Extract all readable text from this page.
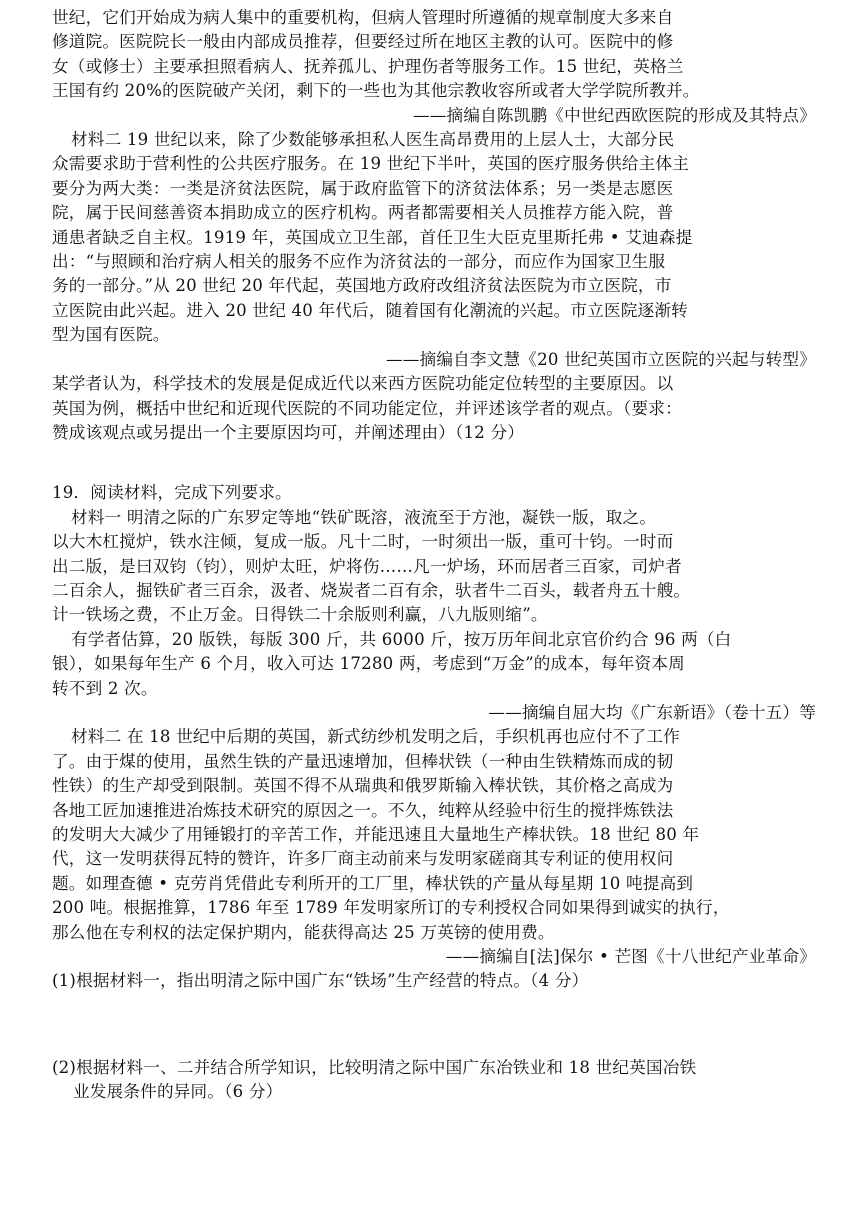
世纪，它们开始成为病人集中的重要机构，但病人管理时所遵循的规章制度大多来自

修道院。医院院长一般由内部成员推荐，但要经过所在地区主教的认可。医院中的修

女（或修士）主要承担照看病人、抚养孤儿、护理伤者等服务工作。15 世纪，英格兰

王国有约 20%的医院破产关闭，剩下的一些也为其他宗教收容所或者大学学院所教并。

——摘编自陈凯鹏《中世纪西欧医院的形成及其特点》

材料二 19 世纪以来，除了少数能够承担私人医生高昂费用的上层人士，大部分民

众需要求助于营利性的公共医疗服务。在 19 世纪下半叶，英国的医疗服务供给主体主

要分为两大类：一类是济贫法医院，属于政府监管下的济贫法体系；另一类是志愿医

院，属于民间慈善资本捐助成立的医疗机构。两者都需要相关人员推荐方能入院，普

通患者缺乏自主权。1919 年，英国成立卫生部，首任卫生大臣克里斯托弗 • 艾迪森提

出：“与照顾和治疗病人相关的服务不应作为济贫法的一部分，而应作为国家卫生服

务的一部分。”从 20 世纪 20 年代起，英国地方政府改组济贫法医院为市立医院，市

立医院由此兴起。进入 20 世纪 40 年代后，随着国有化潮流的兴起。市立医院逐渐转

型为国有医院。

——摘编自李文慧《20 世纪英国市立医院的兴起与转型》

某学者认为，科学技术的发展是促成近代以来西方医院功能定位转型的主要原因。以

英国为例，概括中世纪和近现代医院的不同功能定位，并评述该学者的观点。（要求：

赞成该观点或另提出一个主要原因均可，并阐述理由）（12 分）

19．阅读材料，完成下列要求。

材料一 明清之际的广东罗定等地“铁矿既溶，液流至于方池，凝铁一版，取之。

以大木杠搅炉，铁水注倾，复成一版。凡十二时，一时须出一版，重可十钧。一时而

出二版，是曰双钧（钧），则炉太旺，炉将伤……凡一炉场，环而居者三百家，司炉者

二百余人，掘铁矿者三百余，汲者、烧炭者二百有余，驮者牛二百头，载者舟五十艘。

计一铁场之费，不止万金。日得铁二十余版则利赢，八九版则缩”。

有学者估算，20 版铁，每版 300 斤，共 6000 斤，按万历年间北京官价约合 96 两（白

银），如果每年生产 6 个月，收入可达 17280 两，考虑到“万金”的成本，每年资本周

转不到 2 次。

——摘编自屈大均《广东新语》（卷十五）等

材料二 在 18 世纪中后期的英国，新式纺纱机发明之后，手织机再也应付不了工作

了。由于煤的使用，虽然生铁的产量迅速增加，但棒状铁（一种由生铁精炼而成的韧

性铁）的生产却受到限制。英国不得不从瑞典和俄罗斯输入棒状铁，其价格之高成为

各地工匠加速推进冶炼技术研究的原因之一。不久，纯粹从经验中衍生的搅拌炼铁法

的发明大大减少了用锤锻打的辛苦工作，并能迅速且大量地生产棒状铁。18 世纪 80 年

代，这一发明获得瓦特的赞许，许多厂商主动前来与发明家磋商其专利证的使用权问

题。如理查德 • 克劳肖凭借此专利所开的工厂里，棒状铁的产量从每星期 10 吨提高到

200 吨。根据推算，1786 年至 1789 年发明家所订的专利授权合同如果得到诚实的执行，

那么他在专利权的法定保护期内，能获得高达 25 万英镑的使用费。

——摘编自[法]保尔 • 芒图《十八世纪产业革命》

(1)根据材料一，指出明清之际中国广东“铁场”生产经营的特点。（4 分）

(2)根据材料一、二并结合所学知识，比较明清之际中国广东冶铁业和 18 世纪英国冶铁

业发展条件的异同。（6 分）
